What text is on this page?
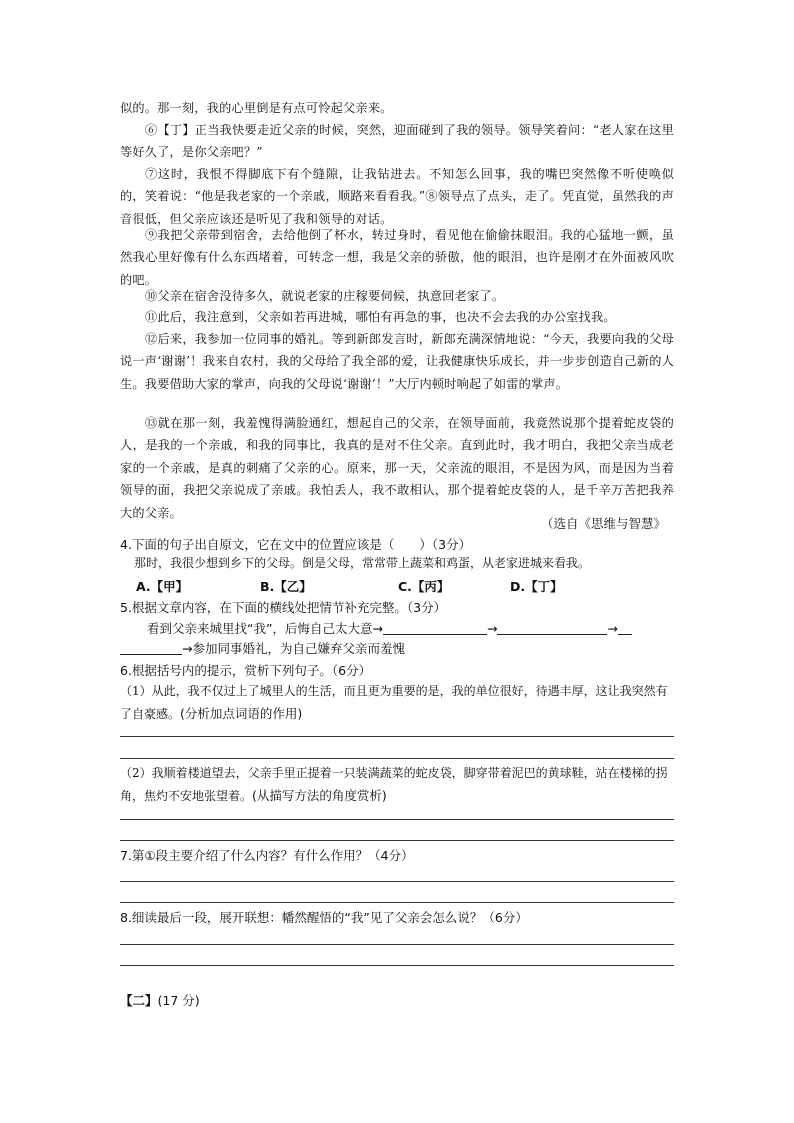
似的。那一刻，我的心里倒是有点可怜起父亲来。

⑥【丁】正当我快要走近父亲的时候，突然，迎面碰到了我的领导。领导笑着问：“老人家在这里等好久了，是你父亲吧？”

⑦这时，我恨不得脚底下有个缝隙，让我钻进去。不知怎么回事，我的嘴巴突然像不听使唤似的，笑着说：“他是我老家的一个亲戚，顺路来看看我。”⑧领导点了点头，走了。凭直觉，虽然我的声音很低，但父亲应该还是听见了我和领导的对话。

⑨我把父亲带到宿舍，去给他倒了杯水，转过身时，看见他在偷偷抹眼泪。我的心猛地一颤，虽然我心里好像有什么东西堵着，可转念一想，我是父亲的骄傲，他的眼泪，也许是刚才在外面被风吹的吧。

⑩父亲在宿舍没待多久，就说老家的庄稼要伺候，执意回老家了。

⑪此后，我注意到，父亲如若再进城，哪怕有再急的事，也决不会去我的办公室找我。

⑫后来，我参加一位同事的婚礼。等到新郎发言时，新郎充满深情地说：“今天，我要向我的父母说一声‘谢谢’！我来自农村，我的父母给了我全部的爱，让我健康快乐成长，并一步步创造自己新的人生。我要借助大家的掌声，向我的父母说‘谢谢’！”大厅内顿时响起了如雷的掌声。

⑬就在那一刻，我羞愧得满脸通红，想起自己的父亲，在领导面前，我竟然说那个提着蛇皮袋的人，是我的一个亲戚，和我的同事比，我真的是对不住父亲。直到此时，我才明白，我把父亲当成老家的一个亲戚，是真的刺痛了父亲的心。原来，那一天，父亲流的眼泪，不是因为风，而是因为当着领导的面，我把父亲说成了亲戚。我怕丢人，我不敢相认，那个提着蛇皮袋的人，是千辛万苦把我养大的父亲。

（选自《思维与智慧》

4.下面的句子出自原文，它在文中的位置应该是（　　）（3分）

那时，我很少想到乡下的父母。倒是父母，常常带上蔬菜和鸡蛋，从老家进城来看我。

A.【甲】	B.【乙】	C.【丙】	D.【丁】

5.根据文章内容，在下面的横线处把情节补充完整。（3分）

看到父亲来城里找“我”，后悔自己太大意→	→	→
→参加同事婚礼，为自己嫌弃父亲而羞愧

6.根据括号内的提示，赏析下列句子。（6分）

（1）从此，我不仅过上了城里人的生活，而且更为重要的是，我的单位很好，待遇丰厚，这让我突然有了自豪感。(分析加点词语的作用)

（2）我顺着楼道望去，父亲手里正提着一只装满蔬菜的蛇皮袋，脚穿带着泥巴的黄球鞋，站在楼梯的拐角，焦灼不安地张望着。(从描写方法的角度赏析)

7.第①段主要介绍了什么内容？有什么作用？（4分）

8.细读最后一段，展开联想：幡然醒悟的“我”见了父亲会怎么说？（6分）

【二】(17 分)
